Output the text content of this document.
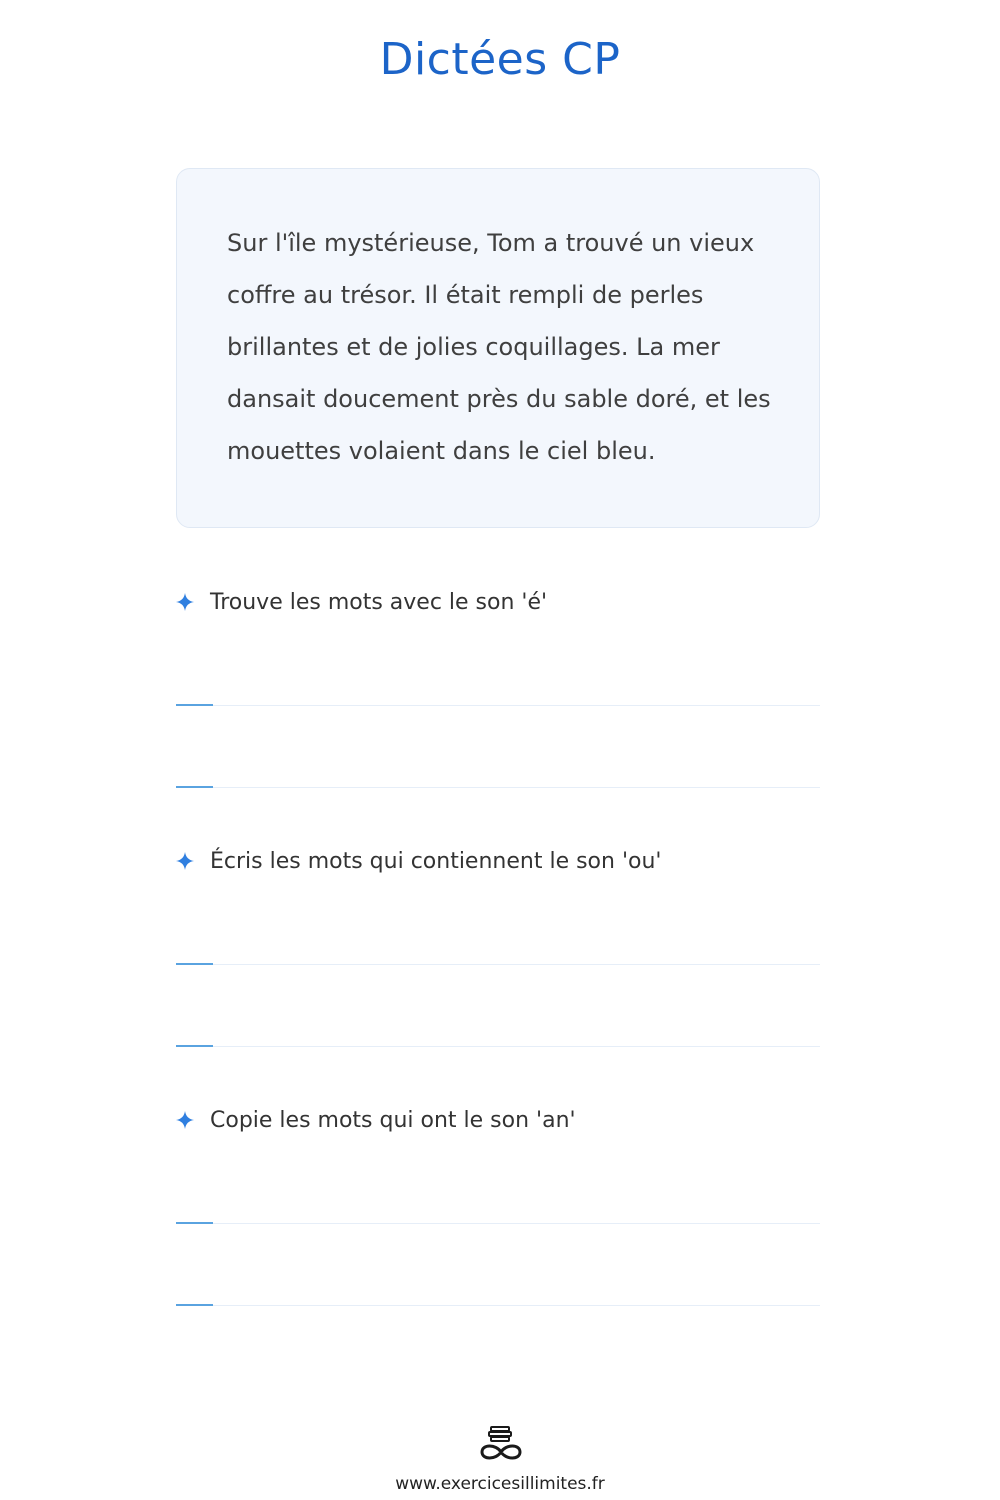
Dictées CP

Sur l'île mystérieuse, Tom a trouvé un vieux coffre au trésor. Il était rempli de perles brillantes et de jolies coquillages. La mer dansait doucement près du sable doré, et les mouettes volaient dans le ciel bleu.

Trouve les mots avec le son 'é'
Écris les mots qui contiennent le son 'ou'
Copie les mots qui ont le son 'an'
www.exercicesillimites.fr
